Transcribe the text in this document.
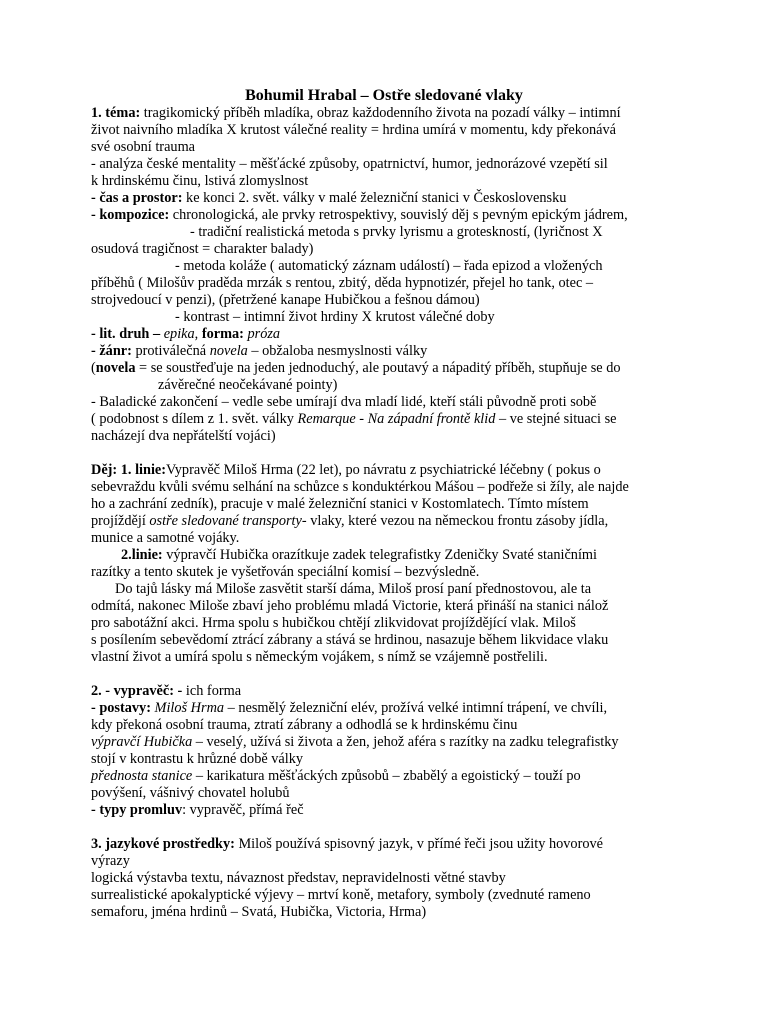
Bohumil Hrabal – Ostře sledované vlaky
1. téma: tragikomický příběh mladíka, obraz každodenního života na pozadí války – intimní
život naivního mladíka X krutost válečné reality = hrdina umírá v momentu, kdy překonává
své osobní trauma
- analýza české mentality – měšťácké způsoby, opatrnictví, humor, jednorázové vzepětí sil
k hrdinskému činu, lstivá zlomyslnost
- čas a prostor: ke konci 2. svět. války v malé železniční stanici v Československu
- kompozice: chronologická, ale prvky retrospektivy, souvislý děj s pevným epickým jádrem,
- tradiční realistická metoda s prvky lyrismu a groteskností, (lyričnost X
osudová tragičnost = charakter balady)
- metoda koláže ( automatický záznam událostí) – řada epizod a vložených
příběhů ( Milošův praděda mrzák s rentou, zbitý, děda hypnotizér, přejel ho tank, otec –
strojvedoucí v penzi), (přetržené kanape Hubičkou a fešnou dámou)
- kontrast – intimní život hrdiny X krutost válečné doby
- lit. druh – epika, forma: próza
- žánr: protiválečná novela – obžaloba nesmyslnosti války
(novela = se soustřeďuje na jeden jednoduchý, ale poutavý a nápaditý příběh, stupňuje se do
závěrečné neočekávané pointy)
- Baladické zakončení – vedle sebe umírají dva mladí lidé, kteří stáli původně proti sobě
( podobnost s dílem z 1. svět. války Remarque - Na západní frontě klid – ve stejné situaci se
nacházejí dva nepřátelští vojáci)
Děj: 1. linie:Vypravěč Miloš Hrma (22 let), po návratu z psychiatrické léčebny ( pokus o
sebevraždu kvůli svému selhání na schůzce s konduktérkou Mášou – podřeže si žíly, ale najde
ho a zachrání zedník), pracuje v malé železniční stanici v Kostomlatech. Tímto místem
projíždějí ostře sledované transporty- vlaky, které vezou na německou frontu zásoby jídla,
munice a samotné vojáky.
2.linie: výpravčí Hubička orazítkuje zadek telegrafistky Zdeničky Svaté staničními
razítky a tento skutek je vyšetřován speciální komisí – bezvýsledně.
Do tajů lásky má Miloše zasvětit starší dáma, Miloš prosí paní přednostovou, ale ta
odmítá, nakonec Miloše zbaví jeho problému mladá Victorie, která přináší na stanici nálož
pro sabotážní akci. Hrma spolu s hubičkou chtějí zlikvidovat projíždějící vlak. Miloš
s posílením sebevědomí ztrácí zábrany a stává se hrdinou, nasazuje během likvidace vlaku
vlastní život a umírá spolu s německým vojákem, s nímž se vzájemně postřelili.
2. - vypravěč: - ich forma
- postavy: Miloš Hrma – nesmělý železniční elév, prožívá velké intimní trápení, ve chvíli,
kdy překoná osobní trauma, ztratí zábrany a odhodlá se k hrdinskému činu
výpravčí Hubička – veselý, užívá si života a žen, jehož aféra s razítky na zadku telegrafistky
stojí v kontrastu k hrůzné době války
přednosta stanice – karikatura měšťáckých způsobů – zbabělý a egoistický – touží po
povýšení, vášnivý chovatel holubů
- typy promluv: vypravěč, přímá řeč
3. jazykové prostředky: Miloš používá spisovný jazyk, v přímé řeči jsou užity hovorové
výrazy
logická výstavba textu, návaznost představ, nepravidelnosti větné stavby
surrealistické apokalyptické výjevy – mrtví koně, metafory, symboly (zvednuté rameno
semaforu, jména hrdinů – Svatá, Hubička, Victoria, Hrma)
